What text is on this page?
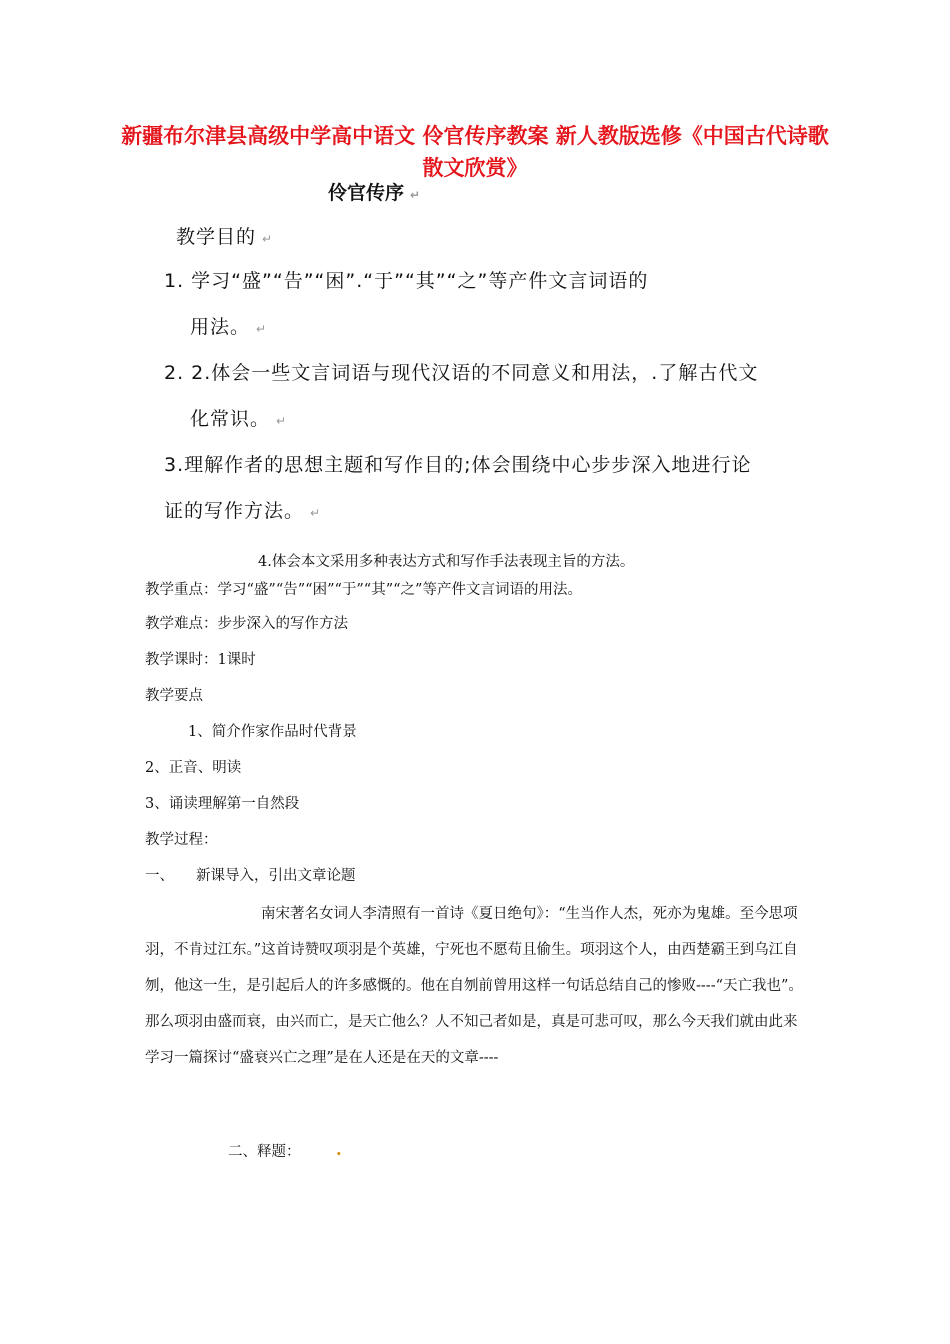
新疆布尔津县高级中学高中语文 伶官传序教案 新人教版选修《中国古代诗歌散文欣赏》
伶官传序 ↵
教学目的 ↵
1. 学习“盛”“告”“困”.“于”“其”“之”等产件文言词语的
用法。 ↵
2. 2.体会一些文言词语与现代汉语的不同意义和用法，.了解古代文
化常识。 ↵
3.理解作者的思想主题和写作目的;体会围绕中心步步深入地进行论
证的写作方法。 ↵
4.体会本文采用多种表达方式和写作手法表现主旨的方法。
教学重点：学习“盛”“告”“困”“于”“其”“之”等产件文言词语的用法。
教学难点：步步深入的写作方法
教学课时：1课时
教学要点
1、简介作家作品时代背景
2、正音、明读
3、诵读理解第一自然段
教学过程：
一、 新课导入，引出文章论题
南宋著名女词人李清照有一首诗《夏日绝句》：“生当作人杰，死亦为鬼雄。至今思项羽，不肯过江东。”这首诗赞叹项羽是个英雄，宁死也不愿苟且偷生。项羽这个人，由西楚霸王到乌江自刎，他这一生，是引起后人的许多感慨的。他在自刎前曾用这样一句话总结自己的惨败----“天亡我也”。那么项羽由盛而衰，由兴而亡，是天亡他么？人不知己者如是，真是可悲可叹，那么今天我们就由此来学习一篇探讨“盛衰兴亡之理”是在人还是在天的文章----
二、释题： .
